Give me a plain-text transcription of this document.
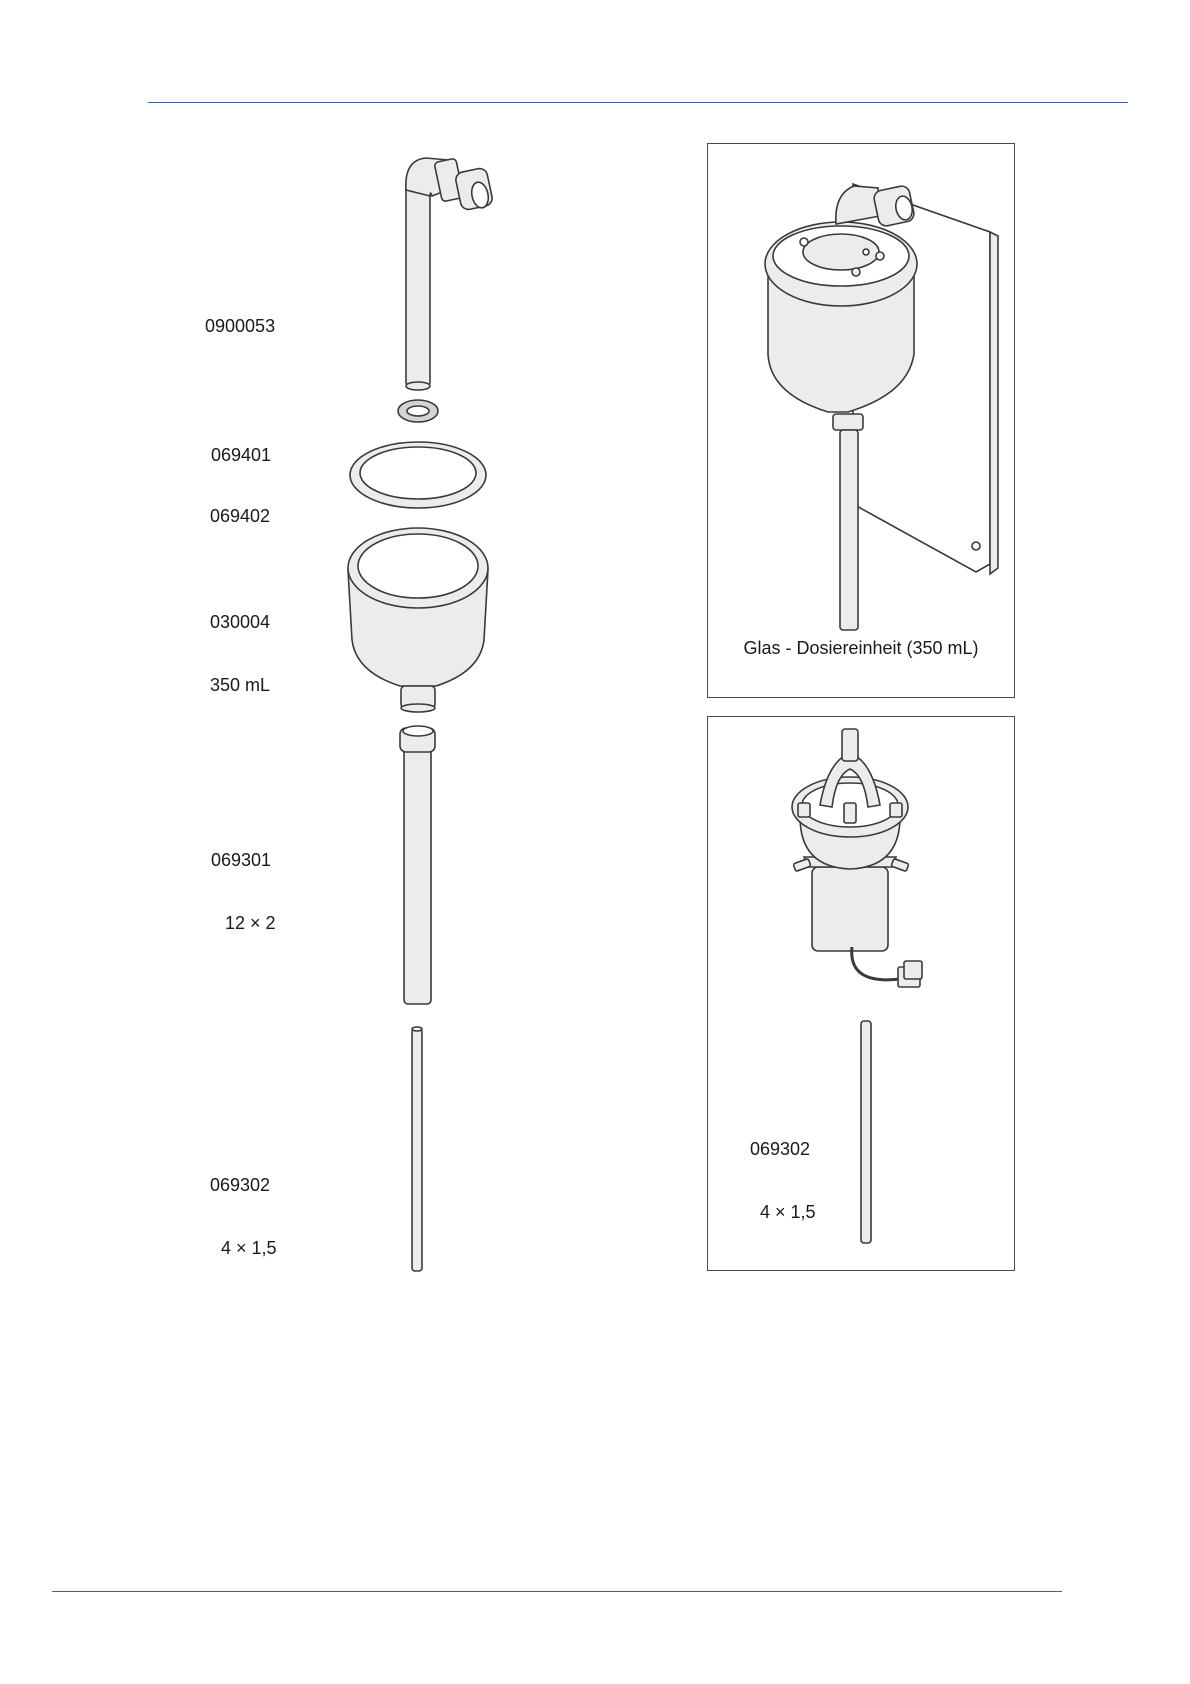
0900053

069401

069402

030004

350 mL

069301

12 × 2

069302

4 × 1,5

Glas - Dosiereinheit (350 mL)

069302

4 × 1,5
